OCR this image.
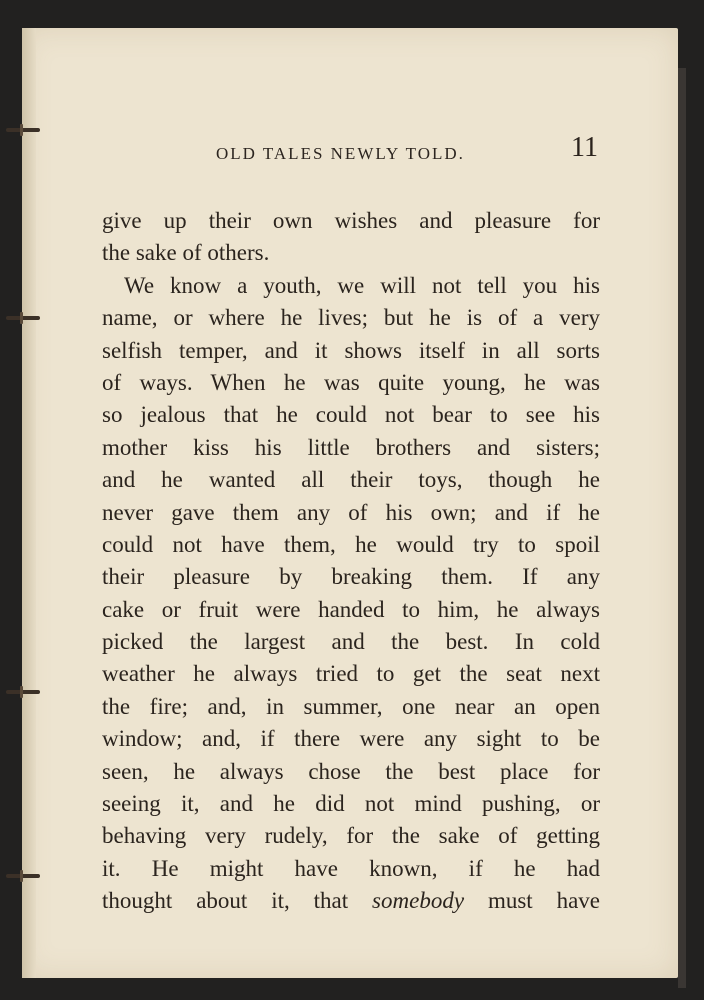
OLD TALES NEWLY TOLD.	11
give up their own wishes and pleasure for
the sake of others.
We know a youth, we will not tell you his
name, or where he lives; but he is of a very
selfish temper, and it shows itself in all sorts
of ways. When he was quite young, he was
so jealous that he could not bear to see his
mother kiss his little brothers and sisters;
and he wanted all their toys, though he
never gave them any of his own; and if he
could not have them, he would try to spoil
their pleasure by breaking them. If any
cake or fruit were handed to him, he always
picked the largest and the best. In cold
weather he always tried to get the seat next
the fire; and, in summer, one near an open
window; and, if there were any sight to be
seen, he always chose the best place for
seeing it, and he did not mind pushing, or
behaving very rudely, for the sake of getting
it. He might have known, if he had
thought about it, that somebody must have
